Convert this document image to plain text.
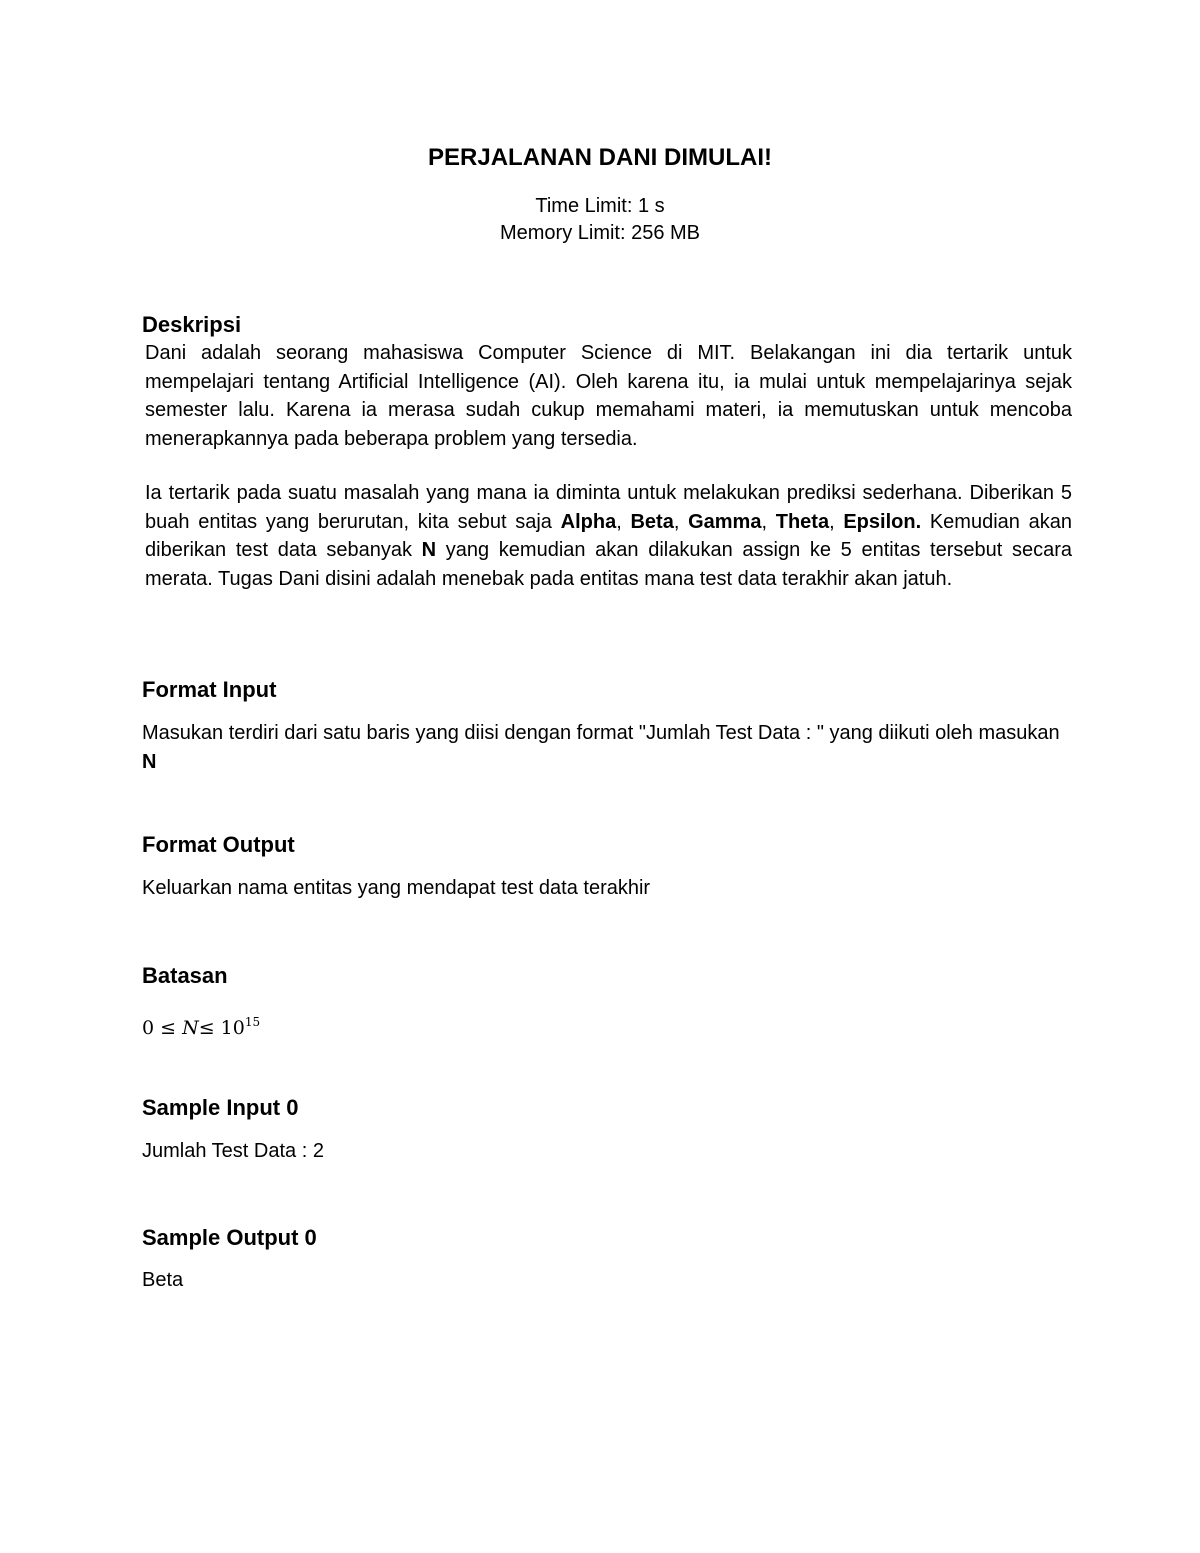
PERJALANAN DANI DIMULAI!
Time Limit: 1 s
Memory Limit: 256 MB
Deskripsi

Dani adalah seorang mahasiswa Computer Science di MIT. Belakangan ini dia tertarik untuk mempelajari tentang Artificial Intelligence (AI). Oleh karena itu, ia mulai untuk mempelajarinya sejak semester lalu. Karena ia merasa sudah cukup memahami materi, ia memutuskan untuk mencoba menerapkannya pada beberapa problem yang tersedia.

Ia tertarik pada suatu masalah yang mana ia diminta untuk melakukan prediksi sederhana. Diberikan 5 buah entitas yang berurutan, kita sebut saja Alpha, Beta, Gamma, Theta, Epsilon. Kemudian akan diberikan test data sebanyak N yang kemudian akan dilakukan assign ke 5 entitas tersebut secara merata. Tugas Dani disini adalah menebak pada entitas mana test data terakhir akan jatuh.

Format Input

Masukan terdiri dari satu baris yang diisi dengan format "Jumlah Test Data : " yang diikuti oleh masukan N

Format Output

Keluarkan nama entitas yang mendapat test data terakhir

Batasan
$0 \le N\le 10^{15}$
Sample Input 0

Jumlah Test Data : 2

Sample Output 0

Beta
